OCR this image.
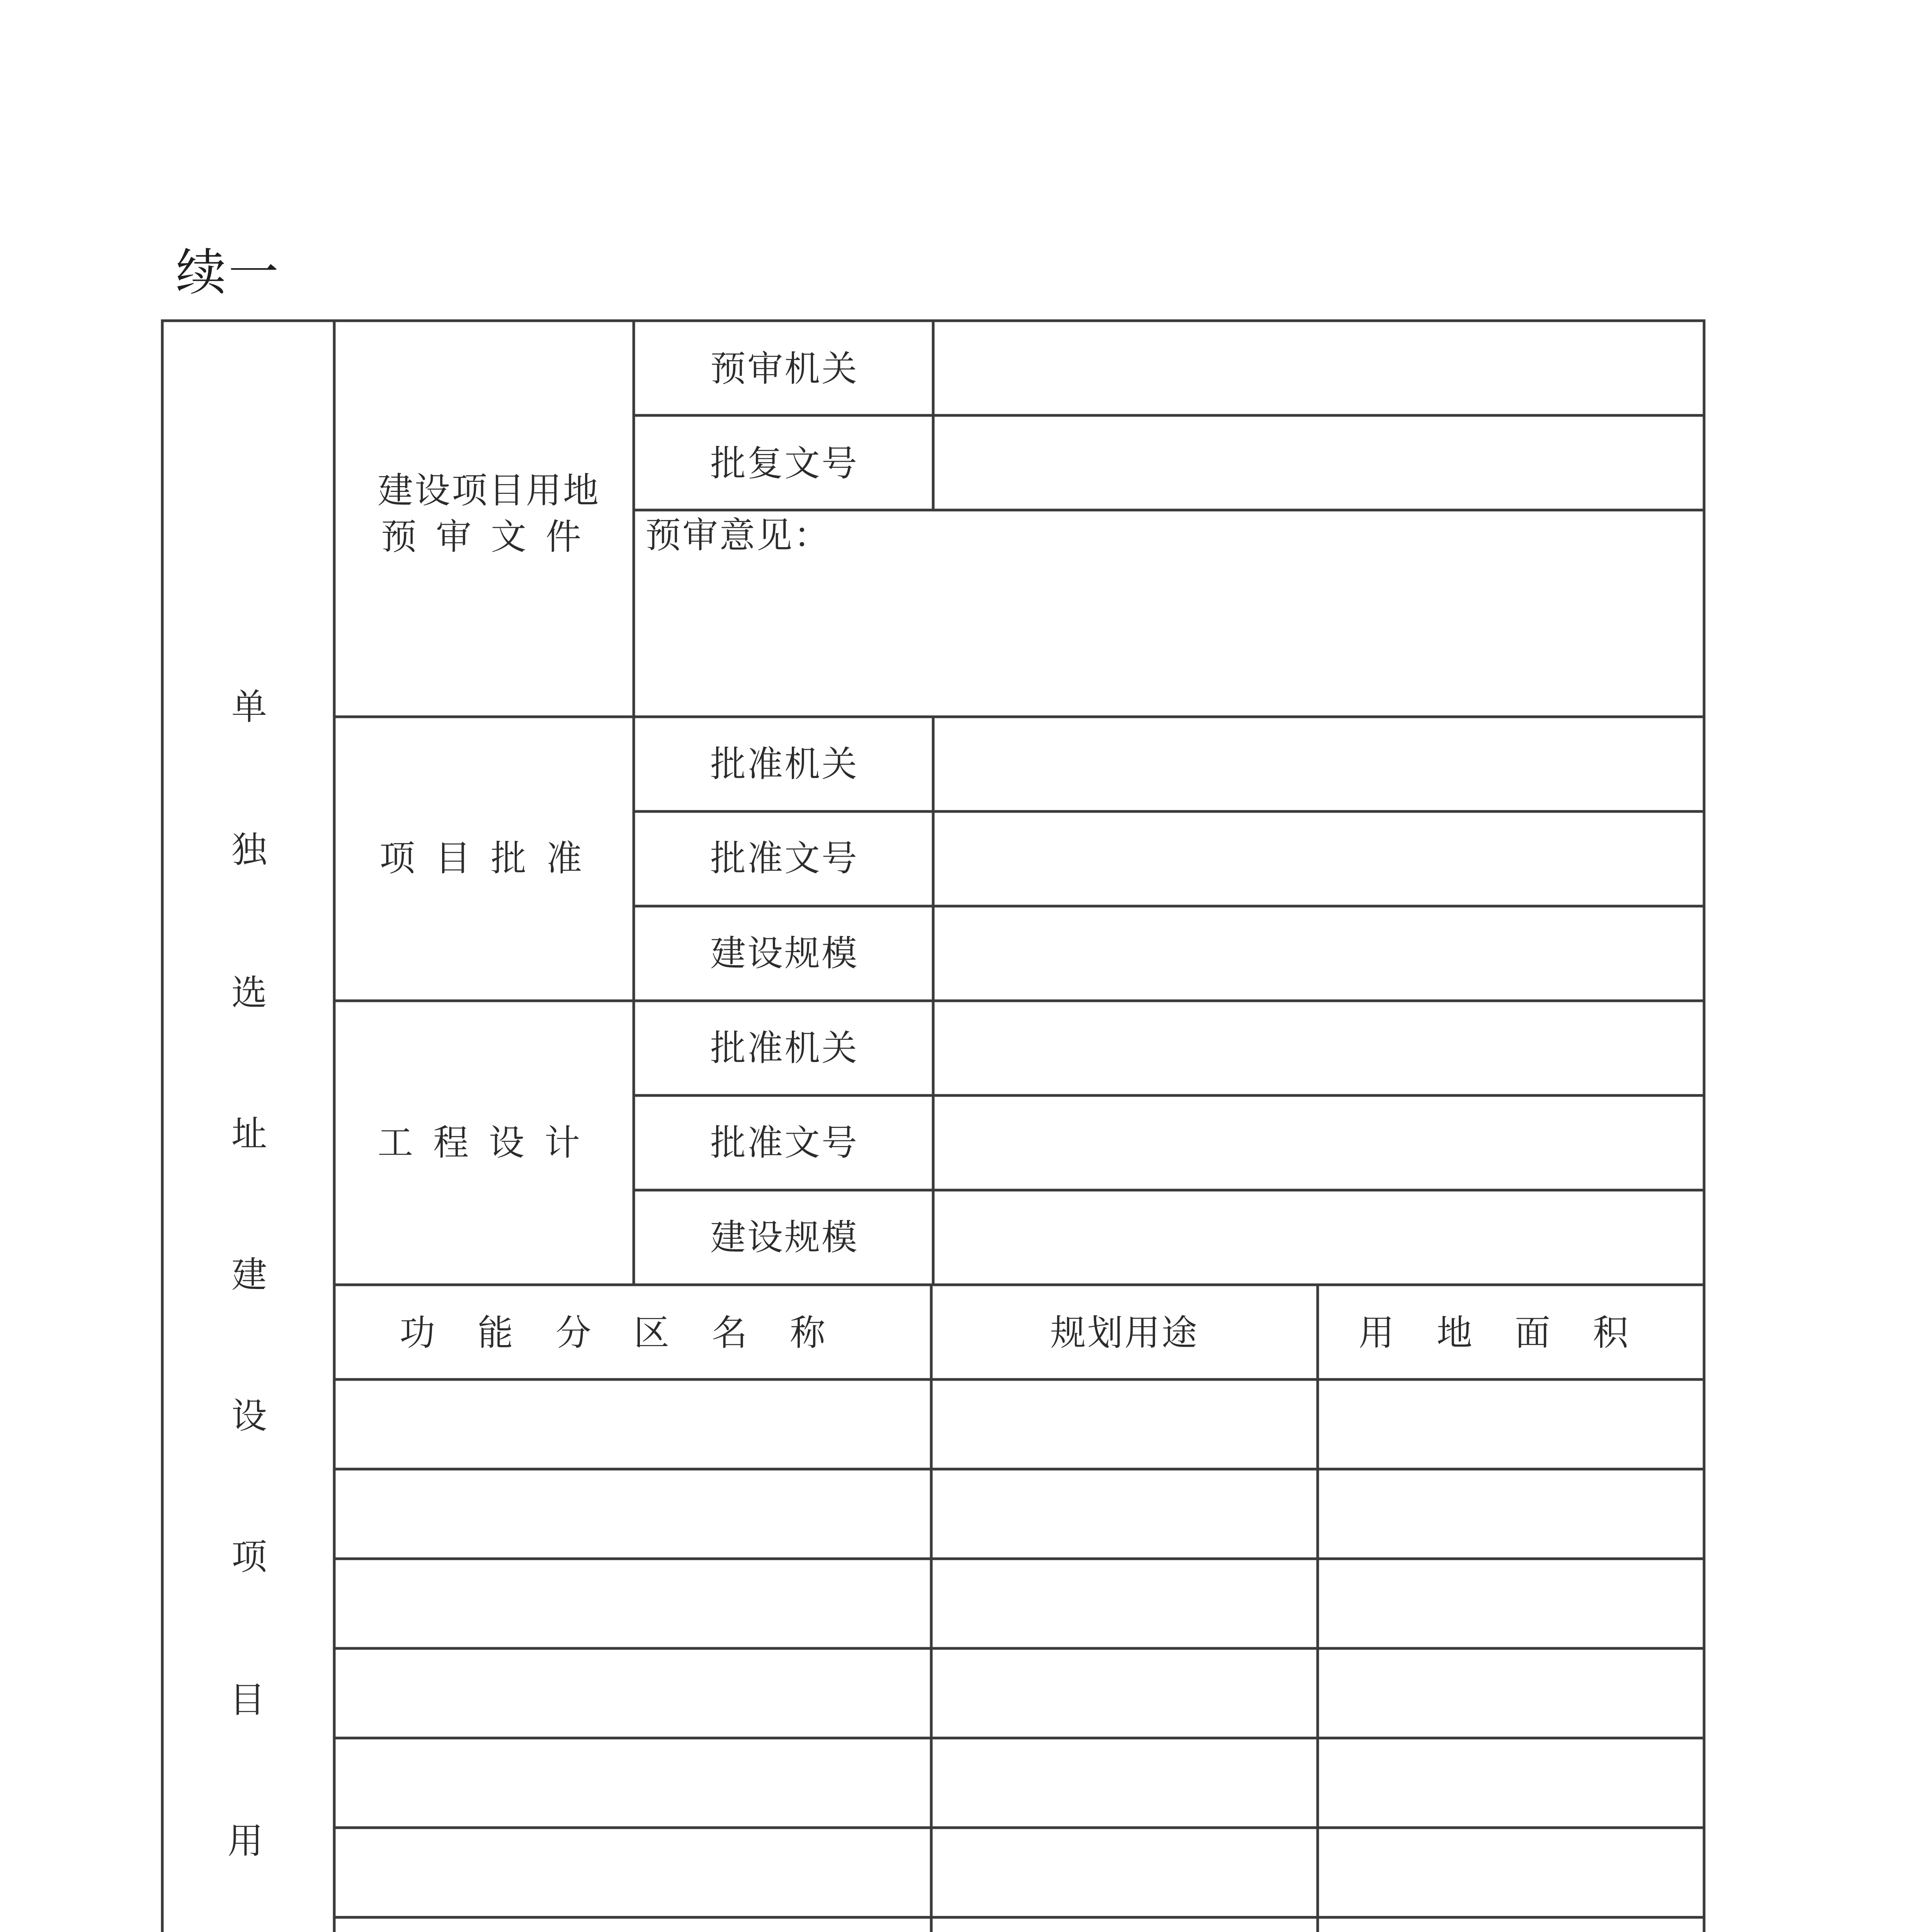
续一
单
独
选
址
建
设
项
目
用
建设项目用地
预审文件
预审机关
批复文号
预审意见：
项目批准
批准机关
批准文号
建设规模
工程设计
批准机关
批准文号
建设规模
功能分区名称	规划用途	用地面积
